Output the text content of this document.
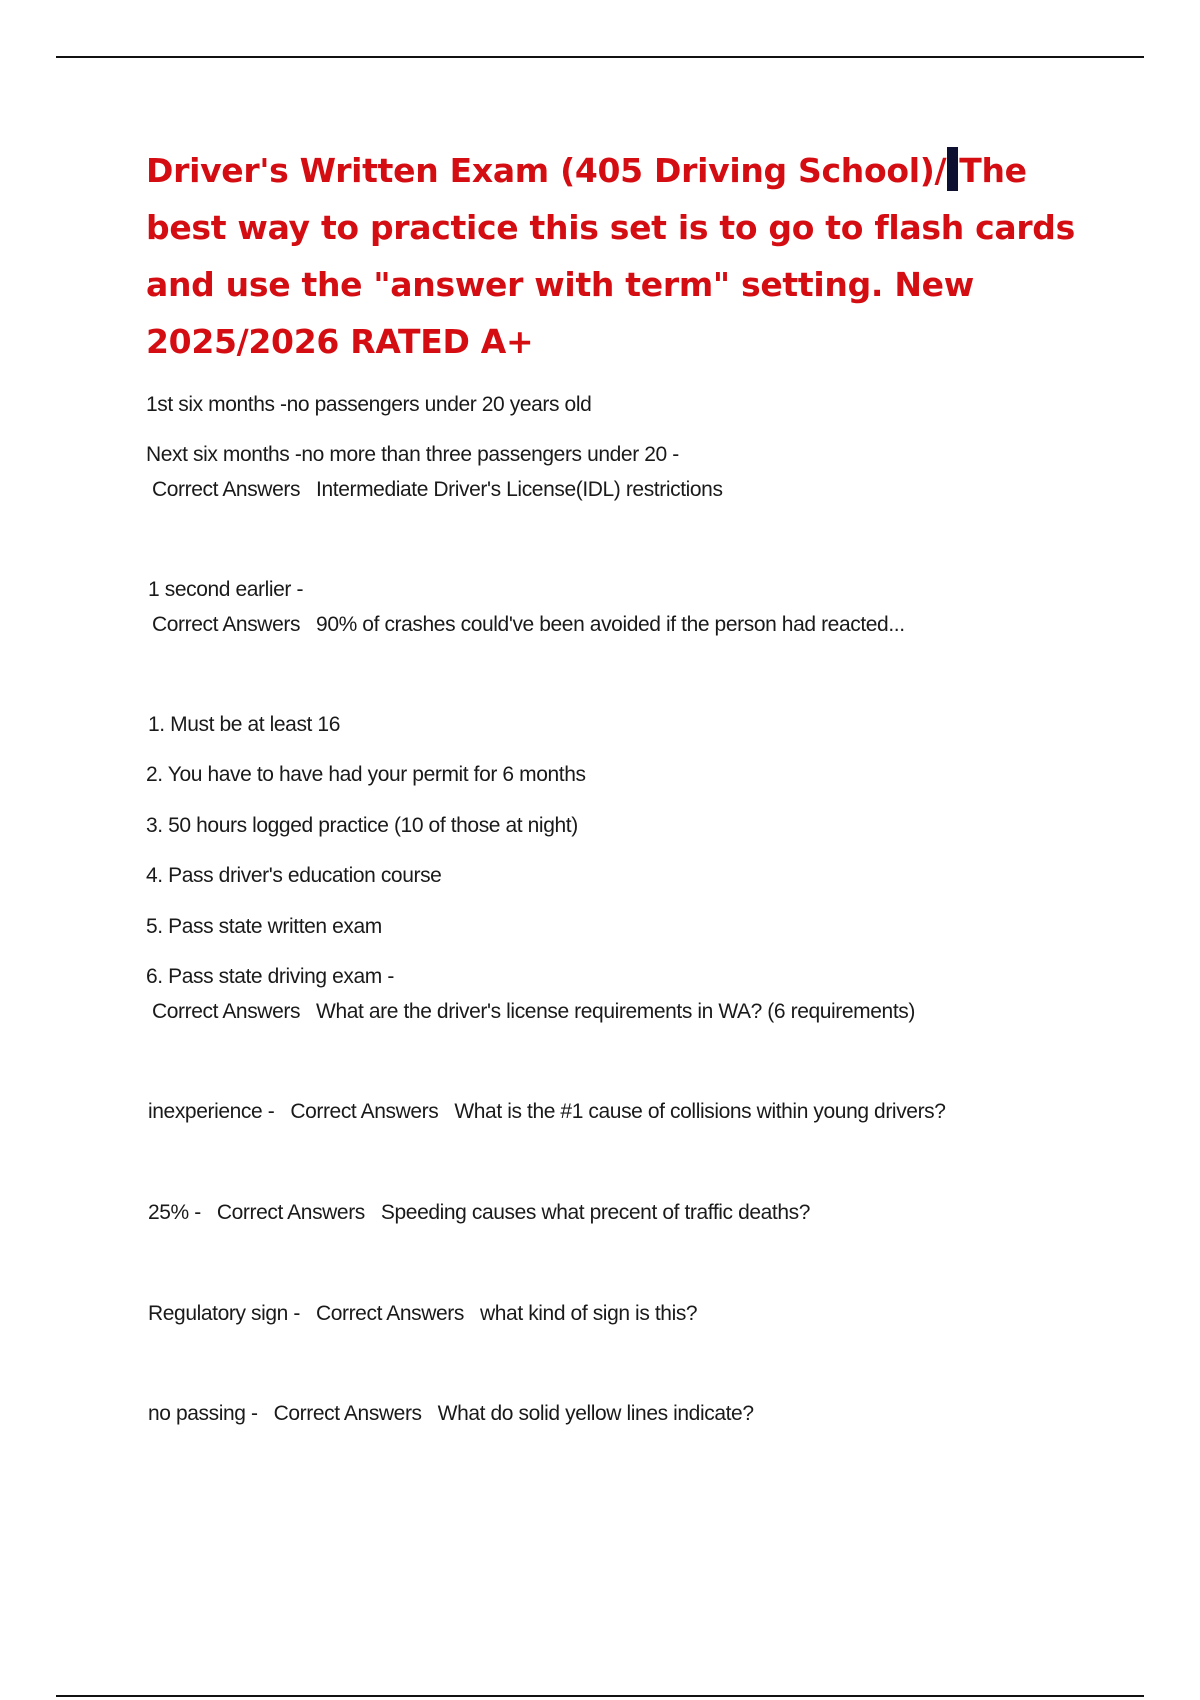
Driver's Written Exam (405 Driving School)/ The best way to practice this set is to go to flash cards and use the "answer with term" setting. New 2025/2026 RATED A+

1st six months -no passengers under 20 years old

Next six months -no more than three passengers under 20 -

Correct Answers Intermediate Driver's License(IDL) restrictions

1 second earlier -

Correct Answers 90% of crashes could've been avoided if the person had reacted...

1. Must be at least 16

2. You have to have had your permit for 6 months

3. 50 hours logged practice (10 of those at night)

4. Pass driver's education course

5. Pass state written exam

6. Pass state driving exam -

Correct Answers What are the driver's license requirements in WA? (6 requirements)

inexperience - Correct Answers What is the #1 cause of collisions within young drivers?

25% - Correct Answers Speeding causes what precent of traffic deaths?

Regulatory sign - Correct Answers what kind of sign is this?

no passing - Correct Answers What do solid yellow lines indicate?
